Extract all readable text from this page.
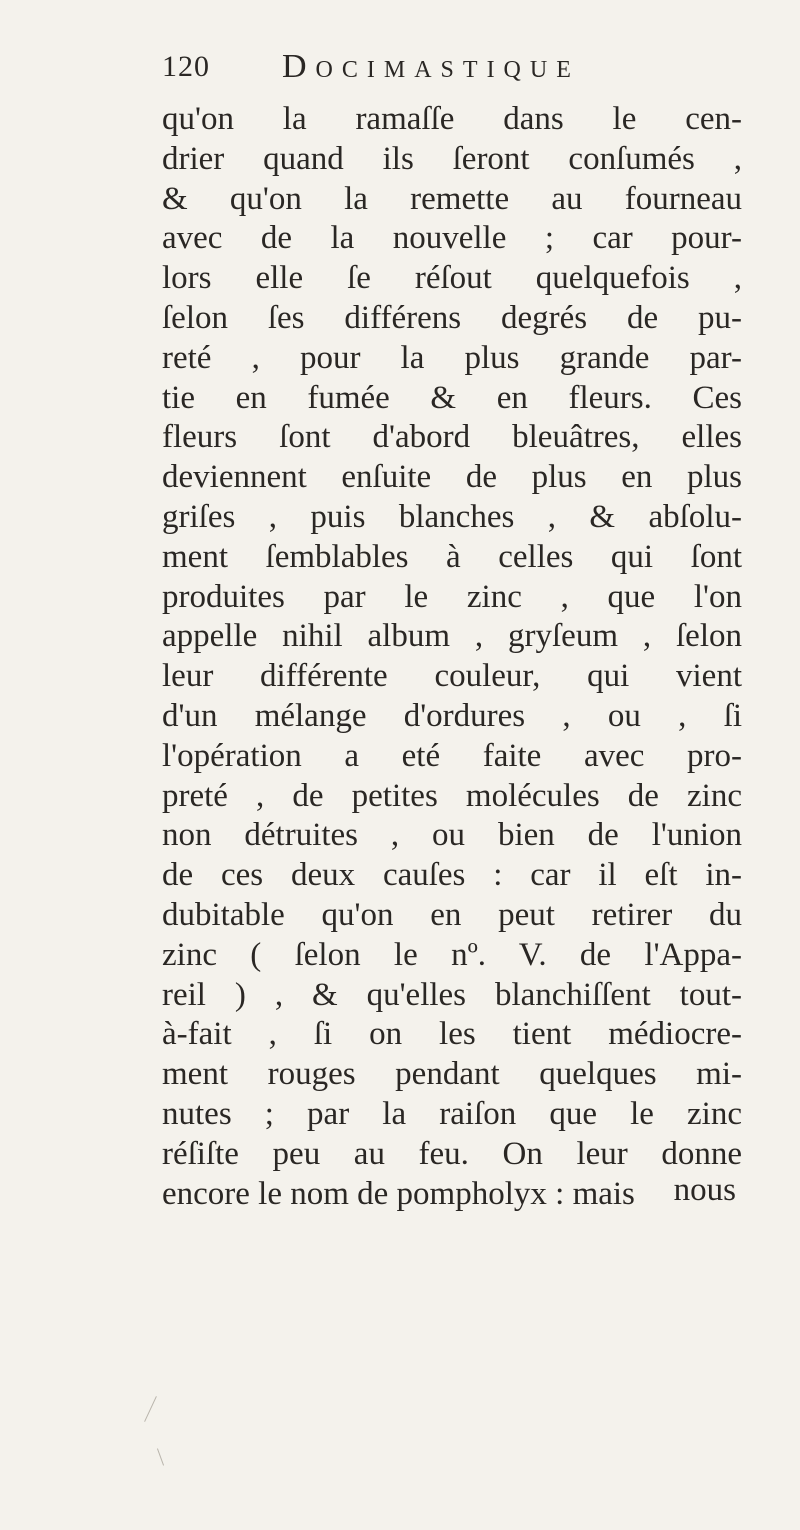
120 Docimastique
qu'on la ramaſſe dans le cen-
drier quand ils ſeront conſumés ,
& qu'on la remette au fourneau
avec de la nouvelle ; car pour-
lors elle ſe réſout quelquefois ,
ſelon ſes différens degrés de pu-
reté , pour la plus grande par-
tie en fumée & en fleurs. Ces
fleurs ſont d'abord bleuâtres, elles
deviennent enſuite de plus en plus
griſes , puis blanches , & abſolu-
ment ſemblables à celles qui ſont
produites par le zinc , que l'on
appelle nihil album , gryſeum , ſelon
leur différente couleur, qui vient
d'un mélange d'ordures , ou , ſi
l'opération a eté faite avec pro-
preté , de petites molécules de zinc
non détruites , ou bien de l'union
de ces deux cauſes : car il eſt in-
dubitable qu'on en peut retirer du
zinc ( ſelon le nº. V. de l'Appa-
reil ) , & qu'elles blanchiſſent tout-
à-fait , ſi on les tient médiocre-
ment rouges pendant quelques mi-
nutes ; par la raiſon que le zinc
réſiſte peu au feu. On leur donne
encore le nom de pompholyx : mais	nous
